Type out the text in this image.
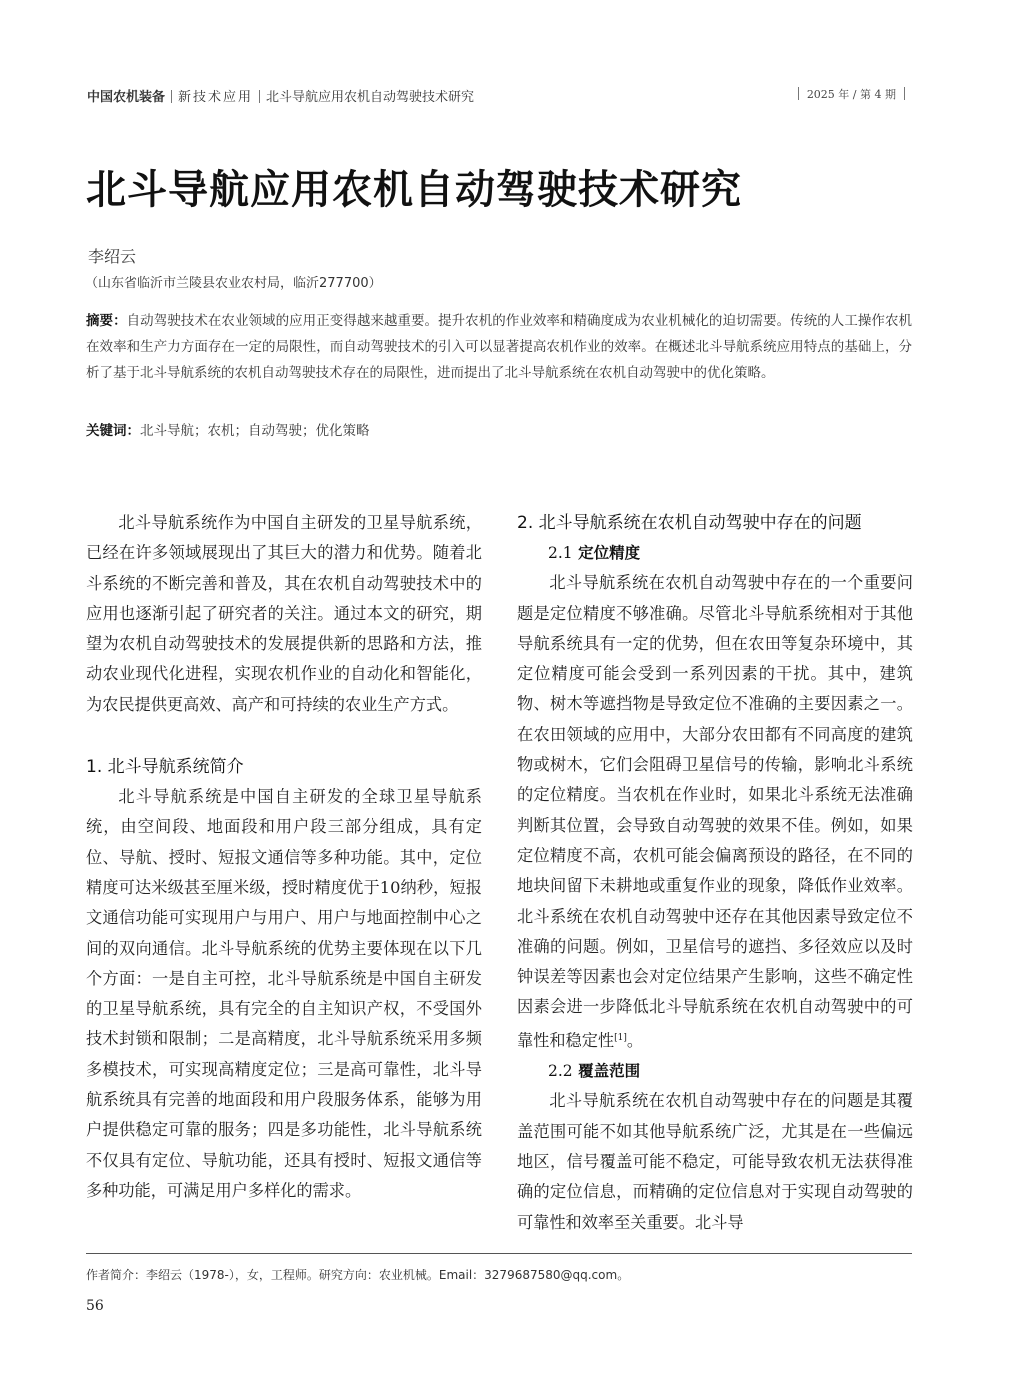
中国农机装备 新技术应用 北斗导航应用农机自动驾驶技术研究	2025 年 / 第 4 期
北斗导航应用农机自动驾驶技术研究
李绍云
（山东省临沂市兰陵县农业农村局，临沂277700）
摘要：自动驾驶技术在农业领域的应用正变得越来越重要。提升农机的作业效率和精确度成为农业机械化的迫切需要。传统的人工操作农机在效率和生产力方面存在一定的局限性，而自动驾驶技术的引入可以显著提高农机作业的效率。在概述北斗导航系统应用特点的基础上，分析了基于北斗导航系统的农机自动驾驶技术存在的局限性，进而提出了北斗导航系统在农机自动驾驶中的优化策略。
关键词：北斗导航；农机；自动驾驶；优化策略

北斗导航系统作为中国自主研发的卫星导航系统，已经在许多领域展现出了其巨大的潜力和优势。随着北斗系统的不断完善和普及，其在农机自动驾驶技术中的应用也逐渐引起了研究者的关注。通过本文的研究，期望为农机自动驾驶技术的发展提供新的思路和方法，推动农业现代化进程，实现农机作业的自动化和智能化，为农民提供更高效、高产和可持续的农业生产方式。

1. 北斗导航系统简介

北斗导航系统是中国自主研发的全球卫星导航系统，由空间段、地面段和用户段三部分组成，具有定位、导航、授时、短报文通信等多种功能。其中，定位精度可达米级甚至厘米级，授时精度优于10纳秒，短报文通信功能可实现用户与用户、用户与地面控制中心之间的双向通信。北斗导航系统的优势主要体现在以下几个方面：一是自主可控，北斗导航系统是中国自主研发的卫星导航系统，具有完全的自主知识产权，不受国外技术封锁和限制；二是高精度，北斗导航系统采用多频多模技术，可实现高精度定位；三是高可靠性，北斗导航系统具有完善的地面段和用户段服务体系，能够为用户提供稳定可靠的服务；四是多功能性，北斗导航系统不仅具有定位、导航功能，还具有授时、短报文通信等多种功能，可满足用户多样化的需求。

2. 北斗导航系统在农机自动驾驶中存在的问题
2.1 定位精度

北斗导航系统在农机自动驾驶中存在的一个重要问题是定位精度不够准确。尽管北斗导航系统相对于其他导航系统具有一定的优势，但在农田等复杂环境中，其定位精度可能会受到一系列因素的干扰。其中，建筑物、树木等遮挡物是导致定位不准确的主要因素之一。在农田领域的应用中，大部分农田都有不同高度的建筑物或树木，它们会阻碍卫星信号的传输，影响北斗系统的定位精度。当农机在作业时，如果北斗系统无法准确判断其位置，会导致自动驾驶的效果不佳。例如，如果定位精度不高，农机可能会偏离预设的路径，在不同的地块间留下未耕地或重复作业的现象，降低作业效率。北斗系统在农机自动驾驶中还存在其他因素导致定位不准确的问题。例如，卫星信号的遮挡、多径效应以及时钟误差等因素也会对定位结果产生影响，这些不确定性因素会进一步降低北斗导航系统在农机自动驾驶中的可靠性和稳定性[1]。

2.2 覆盖范围

北斗导航系统在农机自动驾驶中存在的问题是其覆盖范围可能不如其他导航系统广泛，尤其是在一些偏远地区，信号覆盖可能不稳定，可能导致农机无法获得准确的定位信息，而精确的定位信息对于实现自动驾驶的可靠性和效率至关重要。北斗导

作者简介：李绍云（1978-），女，工程师。研究方向：农业机械。Email：3279687580@qq.com。
56
